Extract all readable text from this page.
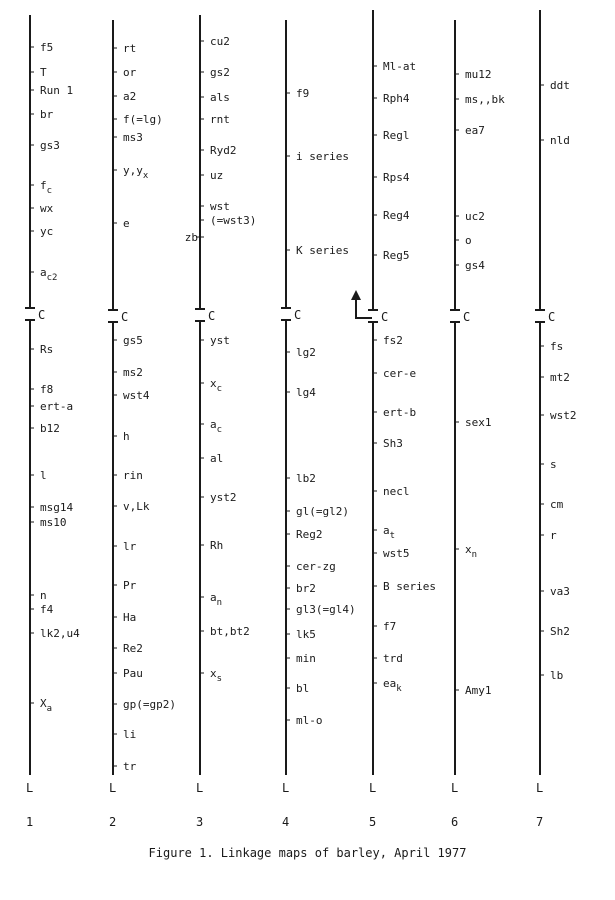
C
f5
T
Run 1
br
gs3
$f_c$
wx
yc
$a_{c2}$
Rs
f8
ert-a
b12
l
msg14
ms10
n
f4
lk2,u4
$X_a$
L
1
C
rt
or
a2
f(=lg)
ms3
$y,y_x$
e
gs5
ms2
wst4
h
rin
v,Lk
lr
Pr
Ha
Re2
Pau
gp(=gp2)
li
tr
L
2
C
cu2
gs2
als
rnt
Ryd2
uz
wst
(=wst3)
zb
yst
$x_c$
$a_c$
al
yst2
Rh
$a_n$
bt,bt2
$x_s$
L
3
C
f9
i series
K series
lg2
lg4
lb2
gl(=gl2)
Reg2
cer-zg
br2
gl3(=gl4)
lk5
min
bl
ml-o
L
4
C
Ml-at
Rph4
Regl
Rps4
Reg4
Reg5
fs2
cer-e
ert-b
Sh3
necl
$a_t$
wst5
B series
f7
trd
$ea_k$
L
5
C
mu12
ms,,bk
ea7
uc2
o
gs4
sex1
$x_n$
Amy1
L
6
C
ddt
nld
fs
mt2
wst2
s
cm
r
va3
Sh2
lb
L
7
Figure 1. Linkage maps of barley, April 1977
